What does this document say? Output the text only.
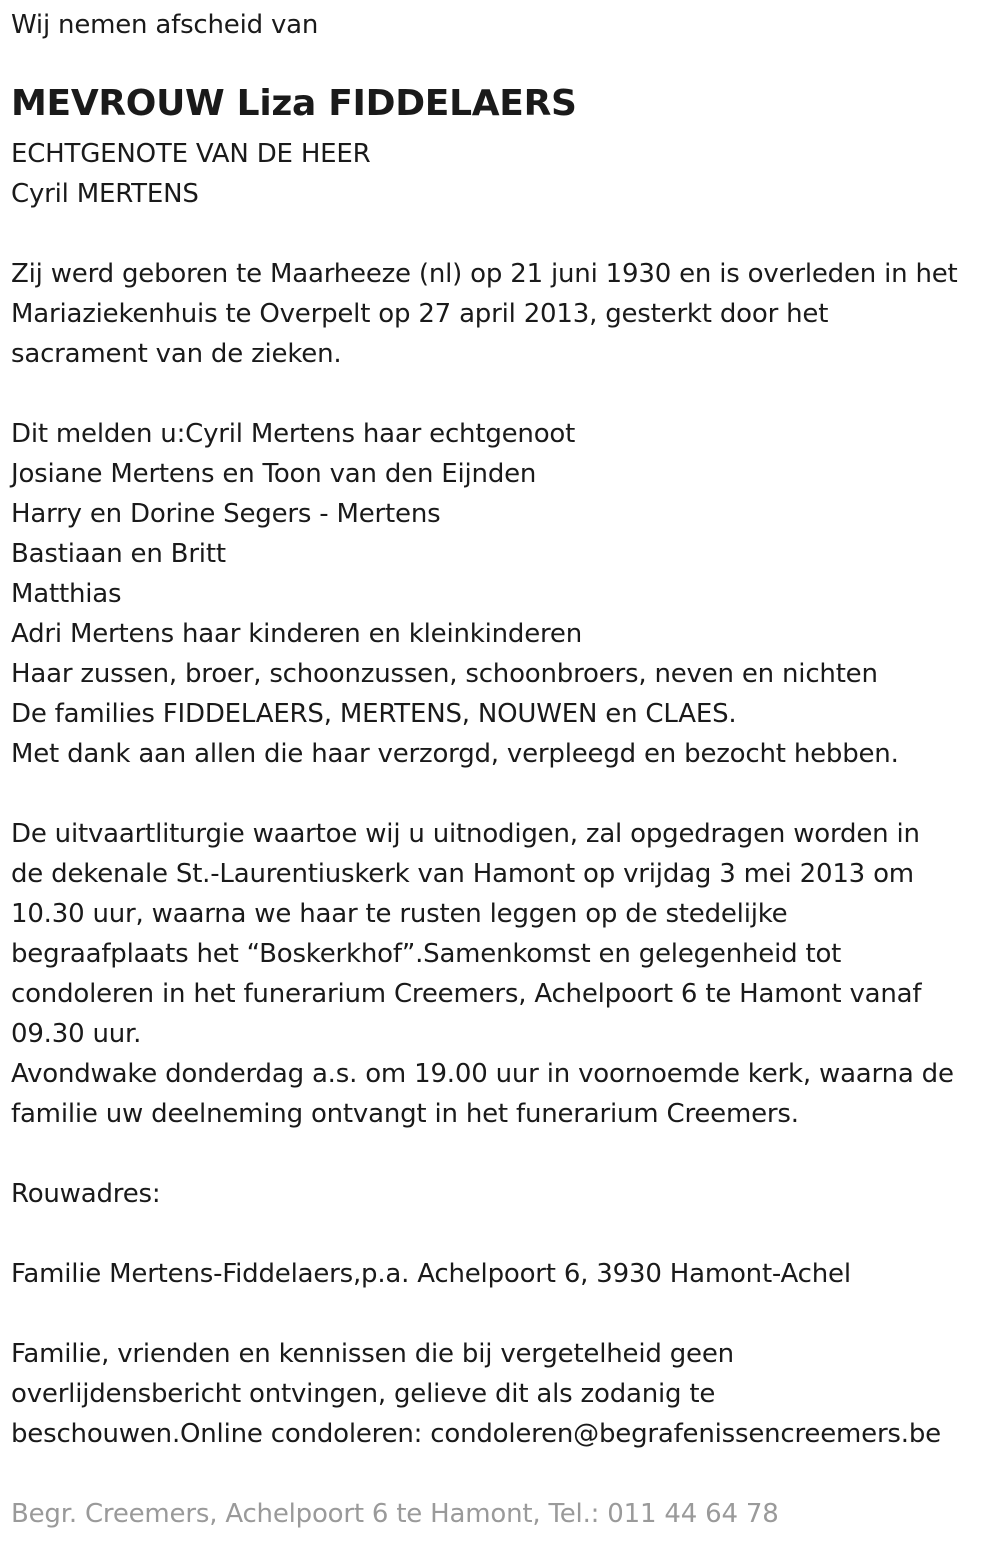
Wij nemen afscheid van
MEVROUW Liza FIDDELAERS
ECHTGENOTE VAN DE HEER
Cyril MERTENS
Zij werd geboren te Maarheeze (nl) op 21 juni 1930 en is overleden in het
Mariaziekenhuis te Overpelt op 27 april 2013, gesterkt door het
sacrament van de zieken.
Dit melden u:Cyril Mertens haar echtgenoot
Josiane Mertens en Toon van den Eijnden
Harry en Dorine Segers - Mertens
Bastiaan en Britt
Matthias
Adri Mertens haar kinderen en kleinkinderen
Haar zussen, broer, schoonzussen, schoonbroers, neven en nichten
De families FIDDELAERS, MERTENS, NOUWEN en CLAES.
Met dank aan allen die haar verzorgd, verpleegd en bezocht hebben.
De uitvaartliturgie waartoe wij u uitnodigen, zal opgedragen worden in
de dekenale St.-Laurentiuskerk van Hamont op vrijdag 3 mei 2013 om
10.30 uur, waarna we haar te rusten leggen op de stedelijke
begraafplaats het “Boskerkhof”.Samenkomst en gelegenheid tot
condoleren in het funerarium Creemers, Achelpoort 6 te Hamont vanaf
09.30 uur.
Avondwake donderdag a.s. om 19.00 uur in voornoemde kerk, waarna de
familie uw deelneming ontvangt in het funerarium Creemers.
Rouwadres:
Familie Mertens-Fiddelaers,p.a. Achelpoort 6, 3930 Hamont-Achel
Familie, vrienden en kennissen die bij vergetelheid geen
overlijdensbericht ontvingen, gelieve dit als zodanig te
beschouwen.Online condoleren: condoleren@begrafenissencreemers.be
Begr. Creemers, Achelpoort 6 te Hamont, Tel.: 011 44 64 78
